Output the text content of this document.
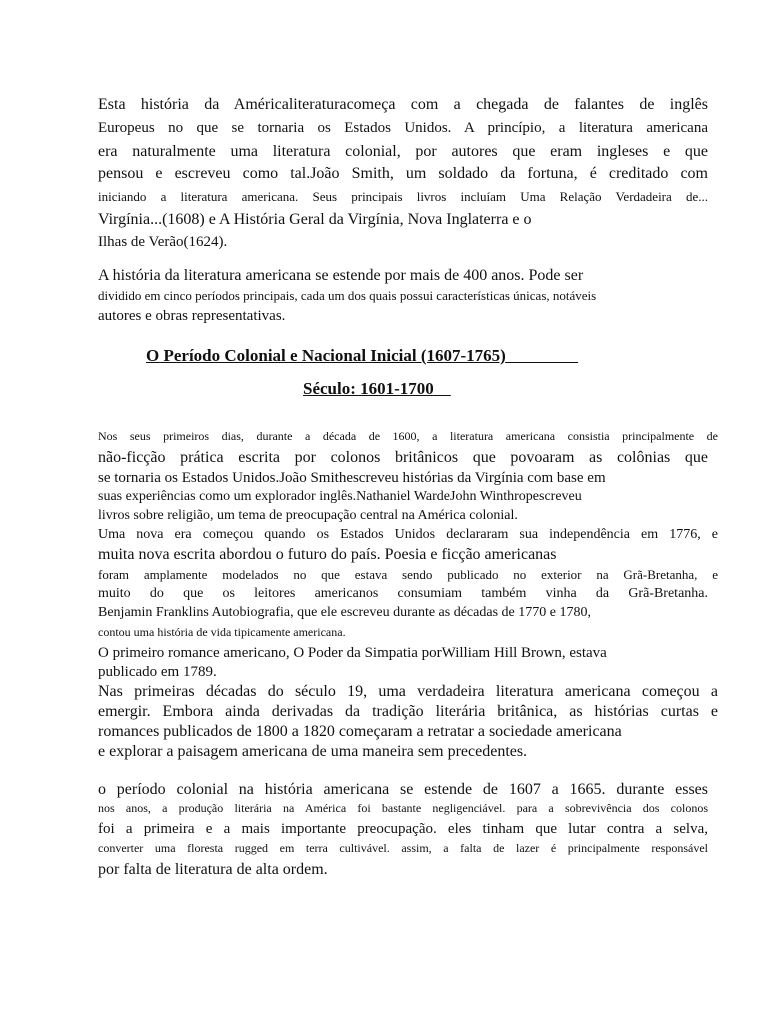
Esta história da Américaliteraturacomeça com a chegada de falantes de inglês
Europeus no que se tornaria os Estados Unidos. A princípio, a literatura americana
era naturalmente uma literatura colonial, por autores que eram ingleses e que
pensou e escreveu como tal.João Smith, um soldado da fortuna, é creditado com
iniciando a literatura americana. Seus principais livros incluíam Uma Relação Verdadeira de...
Virgínia...(1608) e A História Geral da Virgínia, Nova Inglaterra e o
Ilhas de Verão(1624).
A história da literatura americana se estende por mais de 400 anos. Pode ser
dividido em cinco períodos principais, cada um dos quais possui características únicas, notáveis
autores e obras representativas.
O Período Colonial e Nacional Inicial (1607-1765)
Século: 1601-1700
Nos seus primeiros dias, durante a década de 1600, a literatura americana consistia principalmente de
não-ficção prática escrita por colonos britânicos que povoaram as colônias que
se tornaria os Estados Unidos.João Smithescreveu histórias da Virgínia com base em
suas experiências como um explorador inglês.Nathaniel WardeJohn Winthropescreveu
livros sobre religião, um tema de preocupação central na América colonial.
Uma nova era começou quando os Estados Unidos declararam sua independência em 1776, e
muita nova escrita abordou o futuro do país. Poesia e ficção americanas
foram amplamente modelados no que estava sendo publicado no exterior na Grã-Bretanha, e
muito do que os leitores americanos consumiam também vinha da Grã-Bretanha.
Benjamin Franklins Autobiografia, que ele escreveu durante as décadas de 1770 e 1780,
contou uma história de vida tipicamente americana.
O primeiro romance americano, O Poder da Simpatia porWilliam Hill Brown, estava
publicado em 1789.
Nas primeiras décadas do século 19, uma verdadeira literatura americana começou a
emergir. Embora ainda derivadas da tradição literária britânica, as histórias curtas e
romances publicados de 1800 a 1820 começaram a retratar a sociedade americana
e explorar a paisagem americana de uma maneira sem precedentes.
o período colonial na história americana se estende de 1607 a 1665. durante esses
nos anos, a produção literária na América foi bastante negligenciável. para a sobrevivência dos colonos
foi a primeira e a mais importante preocupação. eles tinham que lutar contra a selva,
converter uma floresta rugged em terra cultivável. assim, a falta de lazer é principalmente responsável
por falta de literatura de alta ordem.
